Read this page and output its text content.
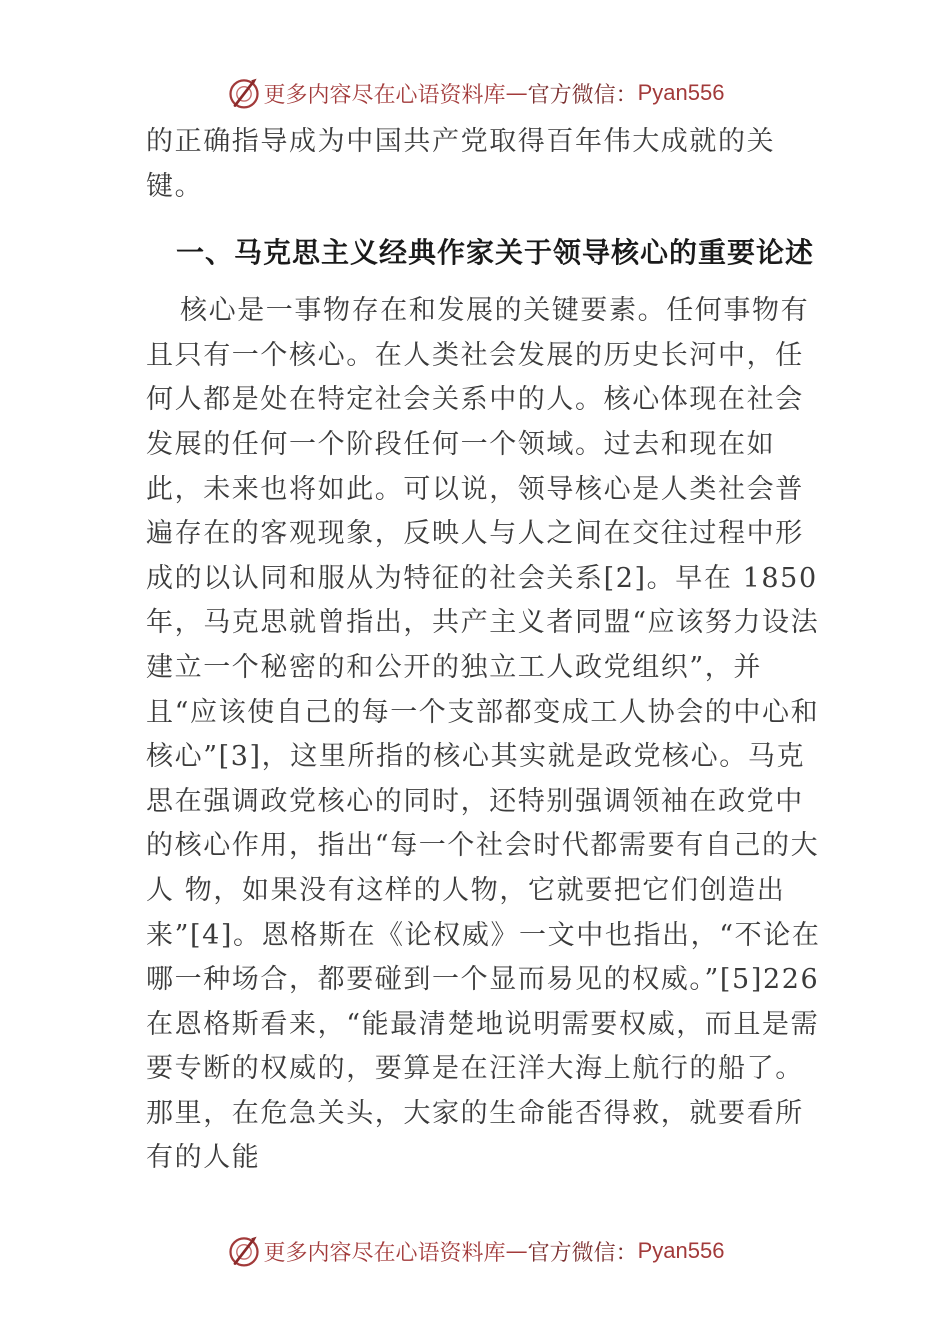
更多内容尽在心语资料库 — 官方微信： Pyan556

的正确指导成为中国共产党取得百年伟大成就的关键。

一、马克思主义经典作家关于领导核心的重要论述

核心是一事物存在和发展的关键要素。任何事物有且只有一个核心。在人类社会发展的历史长河中，任何人都是处在特定社会关系中的人。核心体现在社会发展的任何一个阶段任何一个领域。过去和现在如此，未来也将如此。可以说，领导核心是人类社会普遍存在的客观现象，反映人与人之间在交往过程中形成的以认同和服从为特征的社会关系[2]。早在 1850 年，马克思就曾指出，共产主义者同盟“应该努力设法建立一个秘密的和公开的独立工人政党组织”，并且“应该使自己的每一个支部都变成工人协会的中心和核心”[3]，这里所指的核心其实就是政党核心。马克思在强调政党核心的同时，还特别强调领袖在政党中的核心作用，指出“每一个社会时代都需要有自己的大人 物，如果没有这样的人物，它就要把它们创造出来”[4]。恩格斯在《论权威》一文中也指出，“不论在哪一种场合，都要碰到一个显而易见的权威。”[5]226 在恩格斯看来，“能最清楚地说明需要权威，而且是需要专断的权威的，要算是在汪洋大海上航行的船了。那里，在危急关头，大家的生命能否得救，就要看所有的人能

更多内容尽在心语资料库 — 官方微信： Pyan556
